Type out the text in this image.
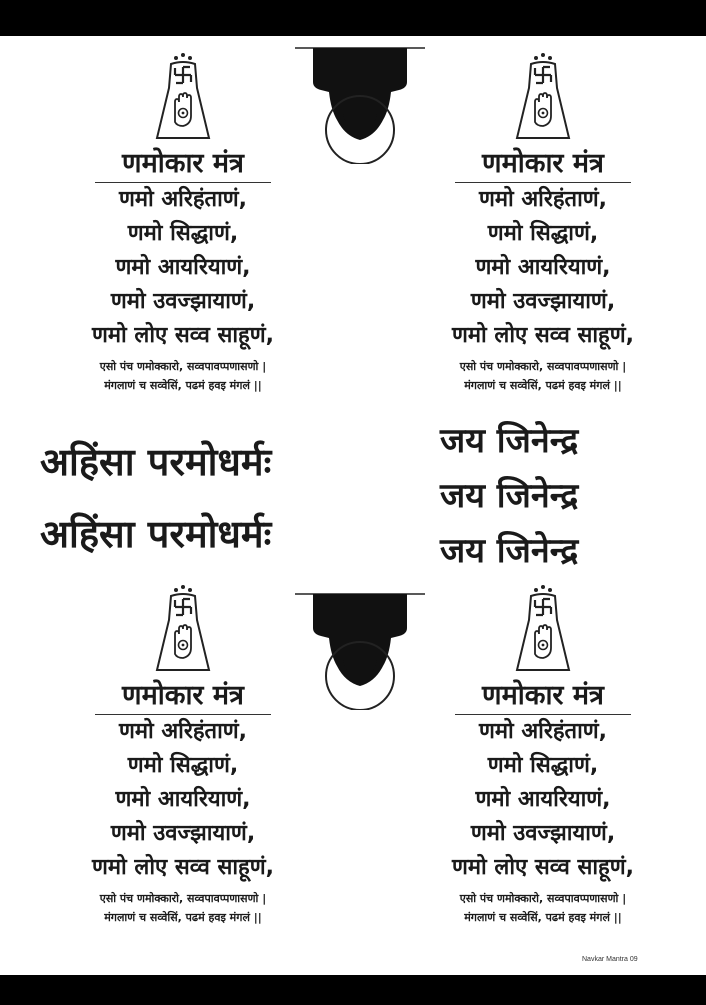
णमोकार मंत्र
णमो अरिहंताणं,
णमो सिद्धाणं,
णमो आयरियाणं,
णमो उवज्झायाणं,
णमो लोए सव्व साहूणं,
एसो पंच णमोक्कारो, सव्वपावप्पणासणो |
मंगलाणं च सव्वेसिं, पढमं हवइ मंगलं ||
णमोकार मंत्र
णमो अरिहंताणं,
णमो सिद्धाणं,
णमो आयरियाणं,
णमो उवज्झायाणं,
णमो लोए सव्व साहूणं,
एसो पंच णमोक्कारो, सव्वपावप्पणासणो |
मंगलाणं च सव्वेसिं, पढमं हवइ मंगलं ||
अहिंसा परमोधर्मः
अहिंसा परमोधर्मः
जय जिनेन्द्र
जय जिनेन्द्र
जय जिनेन्द्र
णमोकार मंत्र
णमो अरिहंताणं,
णमो सिद्धाणं,
णमो आयरियाणं,
णमो उवज्झायाणं,
णमो लोए सव्व साहूणं,
एसो पंच णमोक्कारो, सव्वपावप्पणासणो |
मंगलाणं च सव्वेसिं, पढमं हवइ मंगलं ||
णमोकार मंत्र
णमो अरिहंताणं,
णमो सिद्धाणं,
णमो आयरियाणं,
णमो उवज्झायाणं,
णमो लोए सव्व साहूणं,
एसो पंच णमोक्कारो, सव्वपावप्पणासणो |
मंगलाणं च सव्वेसिं, पढमं हवइ मंगलं ||
Navkar Mantra 09
